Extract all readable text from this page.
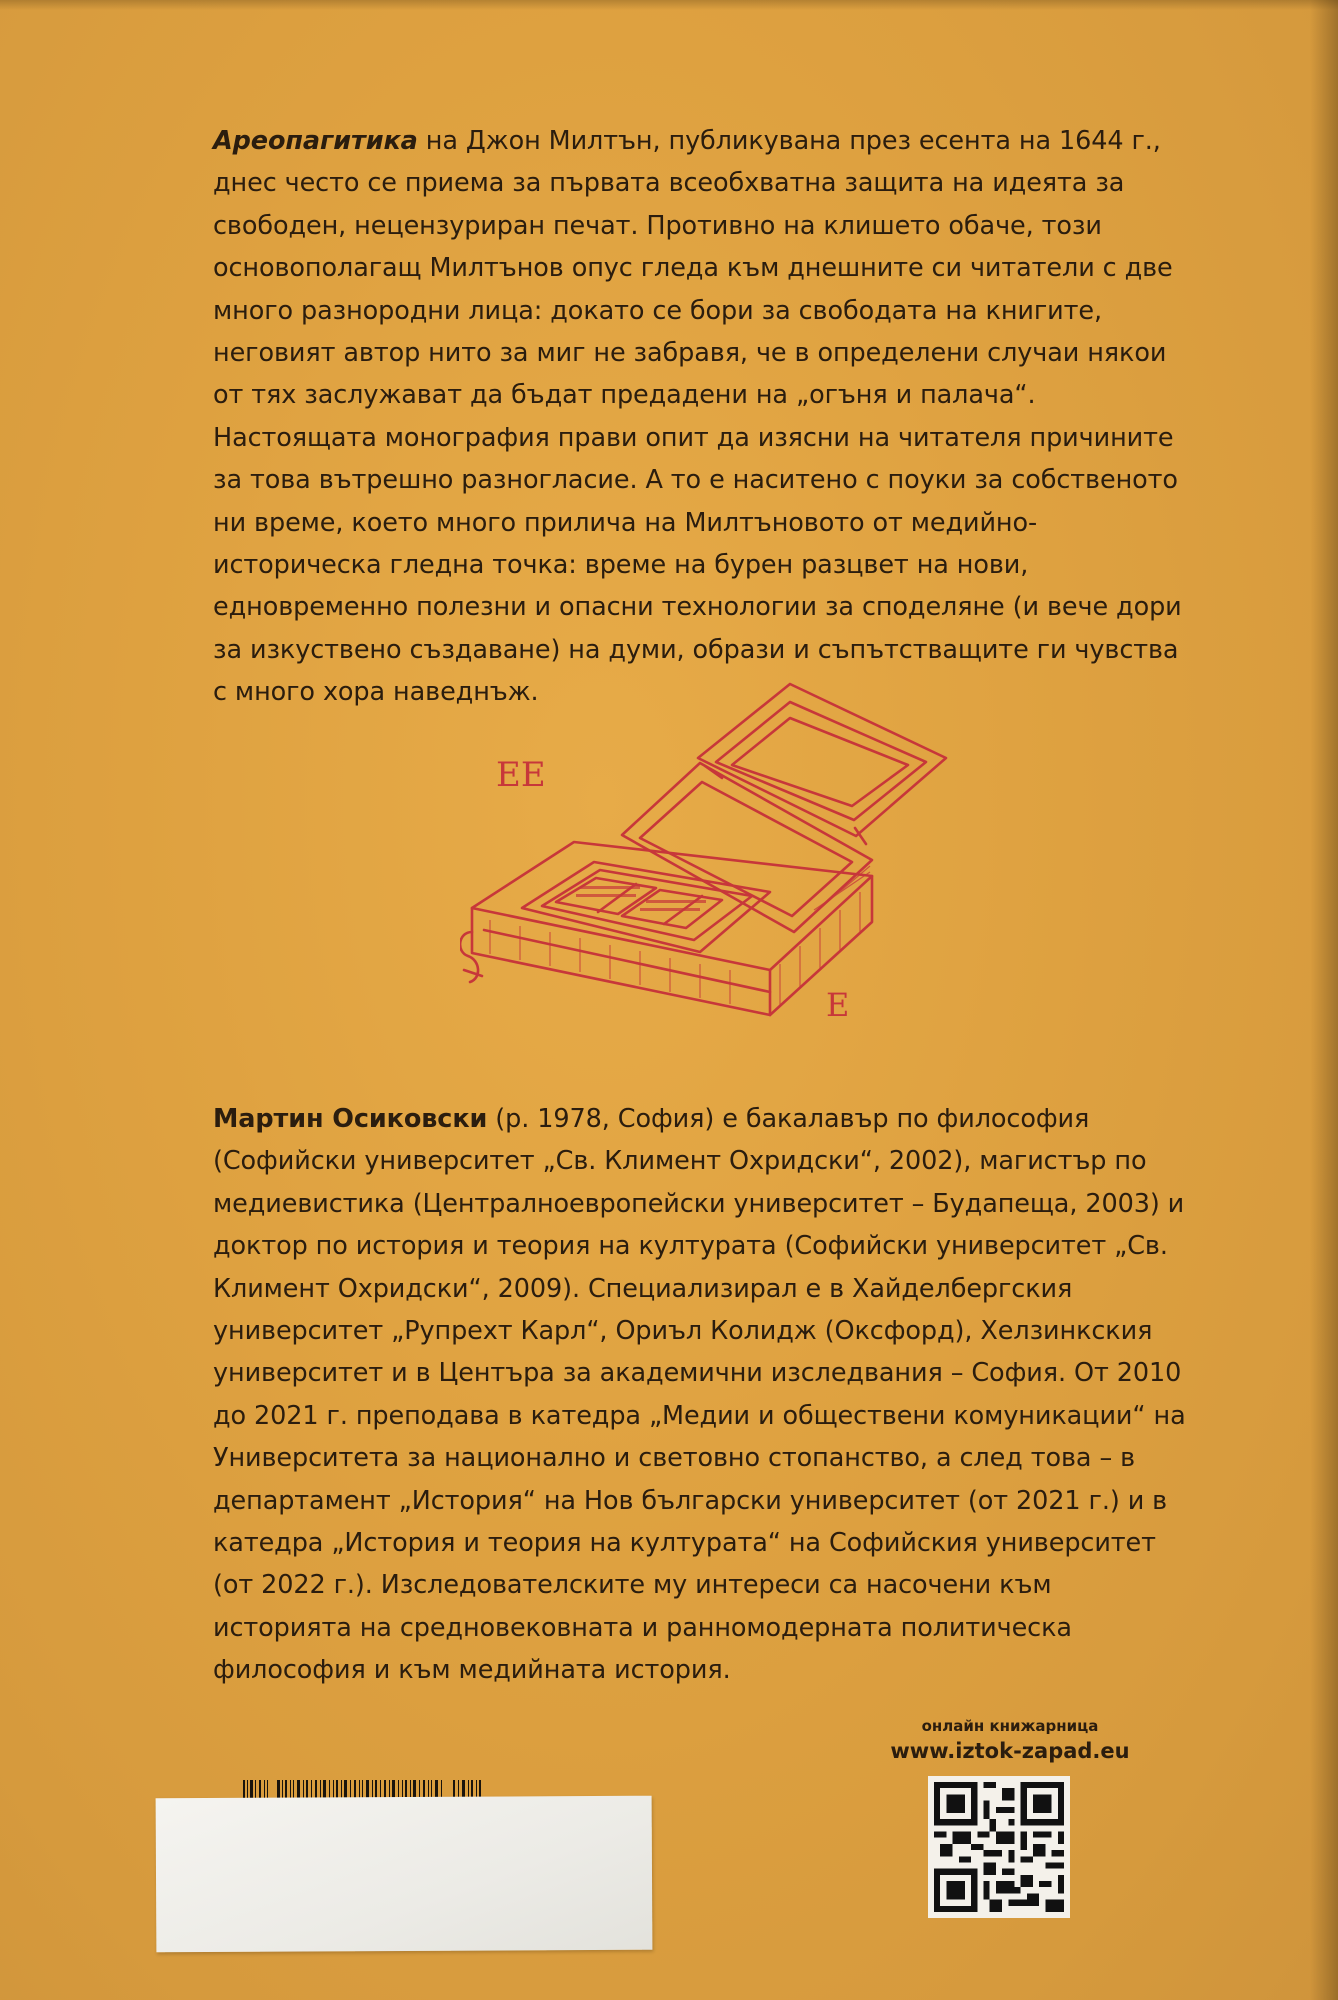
Ареопагитика на Джон Милтън, публикувана през есента на 1644 г., днес често се приема за първата всеобхватна защита на идеята за свободен, нецензуриран печат. Противно на клишето обаче, този основополагащ Милтънов опус гледа към днешните си читатели с две много разнородни лица: докато се бори за свободата на книгите, неговият автор нито за миг не забравя, че в определени случаи някои от тях заслужават да бъдат предадени на „огъня и палача“. Настоящата монография прави опит да изясни на читателя причините за това вътрешно разногласие. А то е наситено с поуки за собственото ни време, което много прилича на Милтъновото от медийно-историческа гледна точка: време на бурен разцвет на нови, едновременно полезни и опасни технологии за споделяне (и вече дори за изкуствено създаване) на думи, образи и съпътстващите ги чувства с много хора наведнъж.

EE
E

Мартин Осиковски (р. 1978, София) е бакалавър по философия (Софийски университет „Св. Климент Охридски“, 2002), магистър по медиевистика (Централноевропейски университет – Будапеща, 2003) и доктор по история и теория на културата (Софийски университет „Св. Климент Охридски“, 2009). Специализирал е в Хайделбергския университет „Рупрехт Карл“, Ориъл Колидж (Оксфорд), Хелзинкския университет и в Центъра за академични изследвания – София. От 2010 до 2021 г. преподава в катедра „Медии и обществени комуникации“ на Университета за национално и световно стопанство, а след това – в департамент „История“ на Нов български университет (от 2021 г.) и в катедра „История и теория на културата“ на Софийския университет (от 2022 г.). Изследователските му интереси са насочени към историята на средновековната и ранномодерната политическа философия и към медийната история.

онлайн книжарница
www.iztok-zapad.eu
